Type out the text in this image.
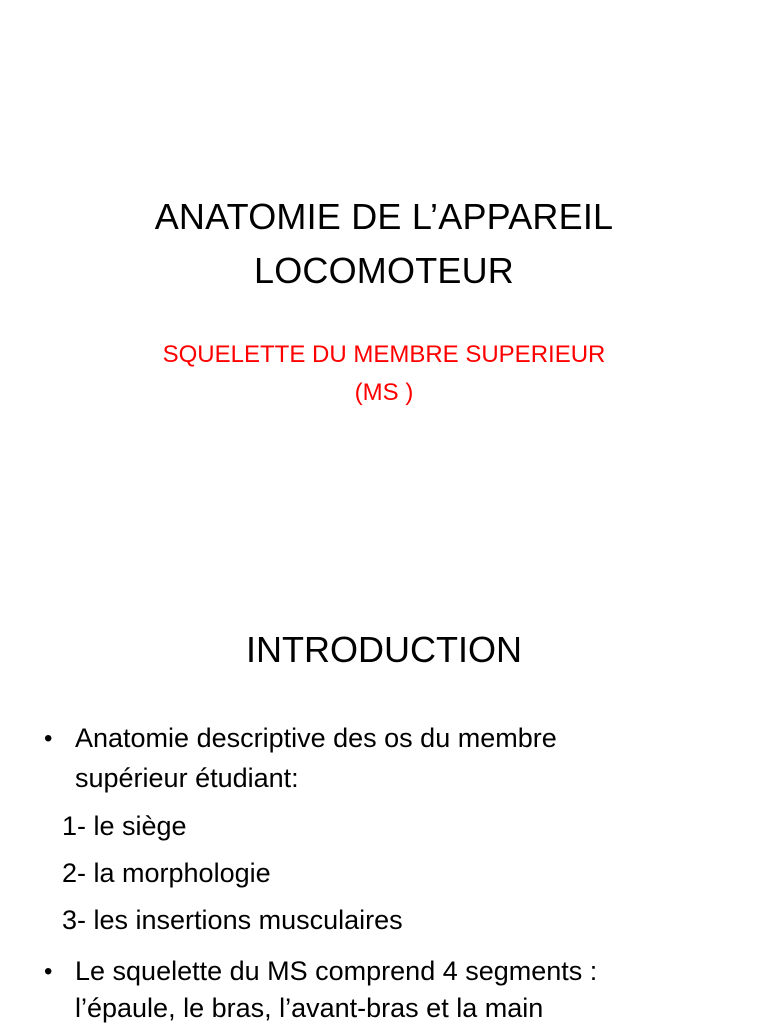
ANATOMIE DE L’APPAREIL
LOCOMOTEUR
SQUELETTE DU MEMBRE SUPERIEUR
(MS )
INTRODUCTION
• Anatomie descriptive des os du membre
supérieur étudiant:
1- le siège
2- la morphologie
3- les insertions musculaires
• Le squelette du MS comprend 4 segments :
l’épaule, le bras, l’avant-bras et la main
